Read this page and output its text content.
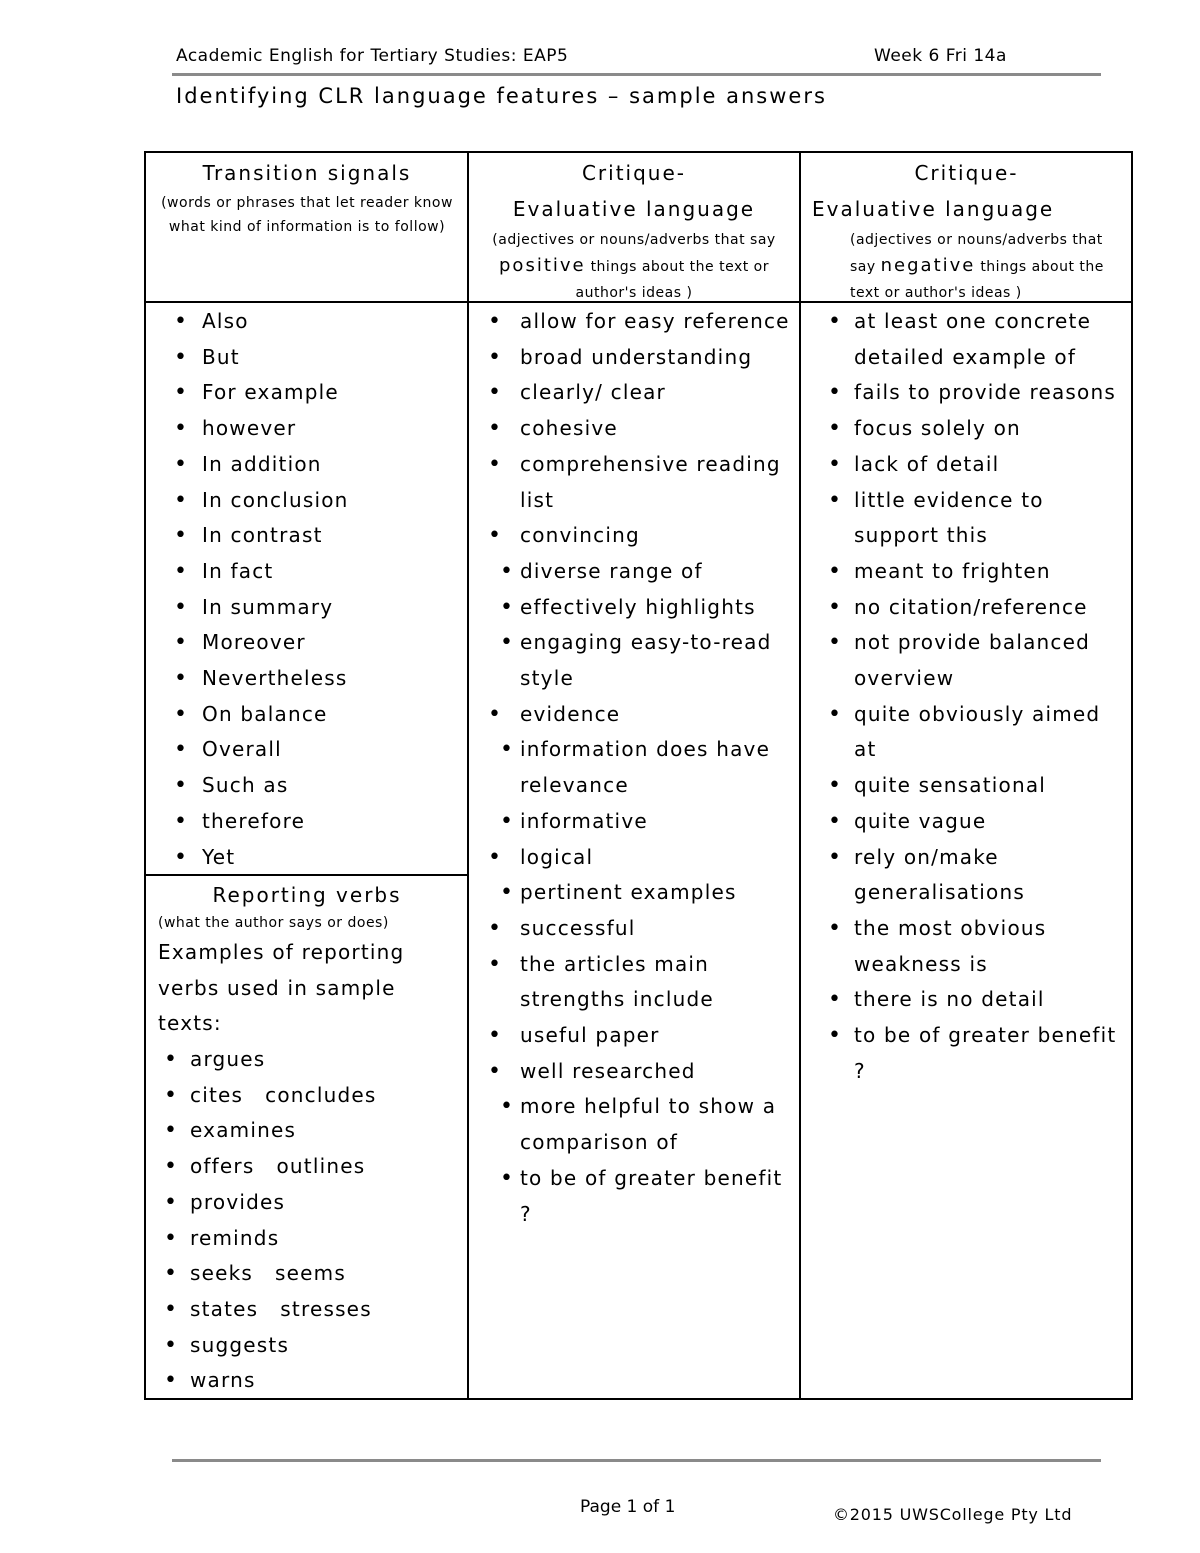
Academic English for Tertiary Studies: EAP5	Week 6 Fri 14a
Identifying CLR language features – sample answers
Transition signals
(words or phrases that let reader know what kind of information is to follow)
Critique-
Evaluative language
(adjectives or nouns/adverbs that say positive things about the text or author's ideas )
Critique-
Evaluative language
(adjectives or nouns/adverbs that say negative things about the text or author's ideas )
• Also
• But
• For example
• however
• In addition
• In conclusion
• In contrast
• In fact
• In summary
• Moreover
• Nevertheless
• On balance
• Overall
• Such as
• therefore
• Yet
Reporting verbs
(what the author says or does)
Examples of reporting verbs used in sample texts:
• argues
• cites concludes
• examines
• offers outlines
• provides
• reminds
• seeks seems
• states stresses
• suggests
• warns
• allow for easy reference
• broad understanding
• clearly/ clear
• cohesive
• comprehensive reading list
• convincing
• diverse range of
• effectively highlights
• engaging easy-to-read style
• evidence
• information does have relevance
• informative
• logical
• pertinent examples
• successful
• the articles main strengths include
• useful paper
• well researched
• more helpful to show a comparison of
• to be of greater benefit ?
• at least one concrete detailed example of
• fails to provide reasons
• focus solely on
• lack of detail
• little evidence to support this
• meant to frighten
• no citation/reference
• not provide balanced overview
• quite obviously aimed at
• quite sensational
• quite vague
• rely on/make generalisations
• the most obvious weakness is
• there is no detail
• to be of greater benefit ?
Page 1 of 1	©2015 UWSCollege Pty Ltd
